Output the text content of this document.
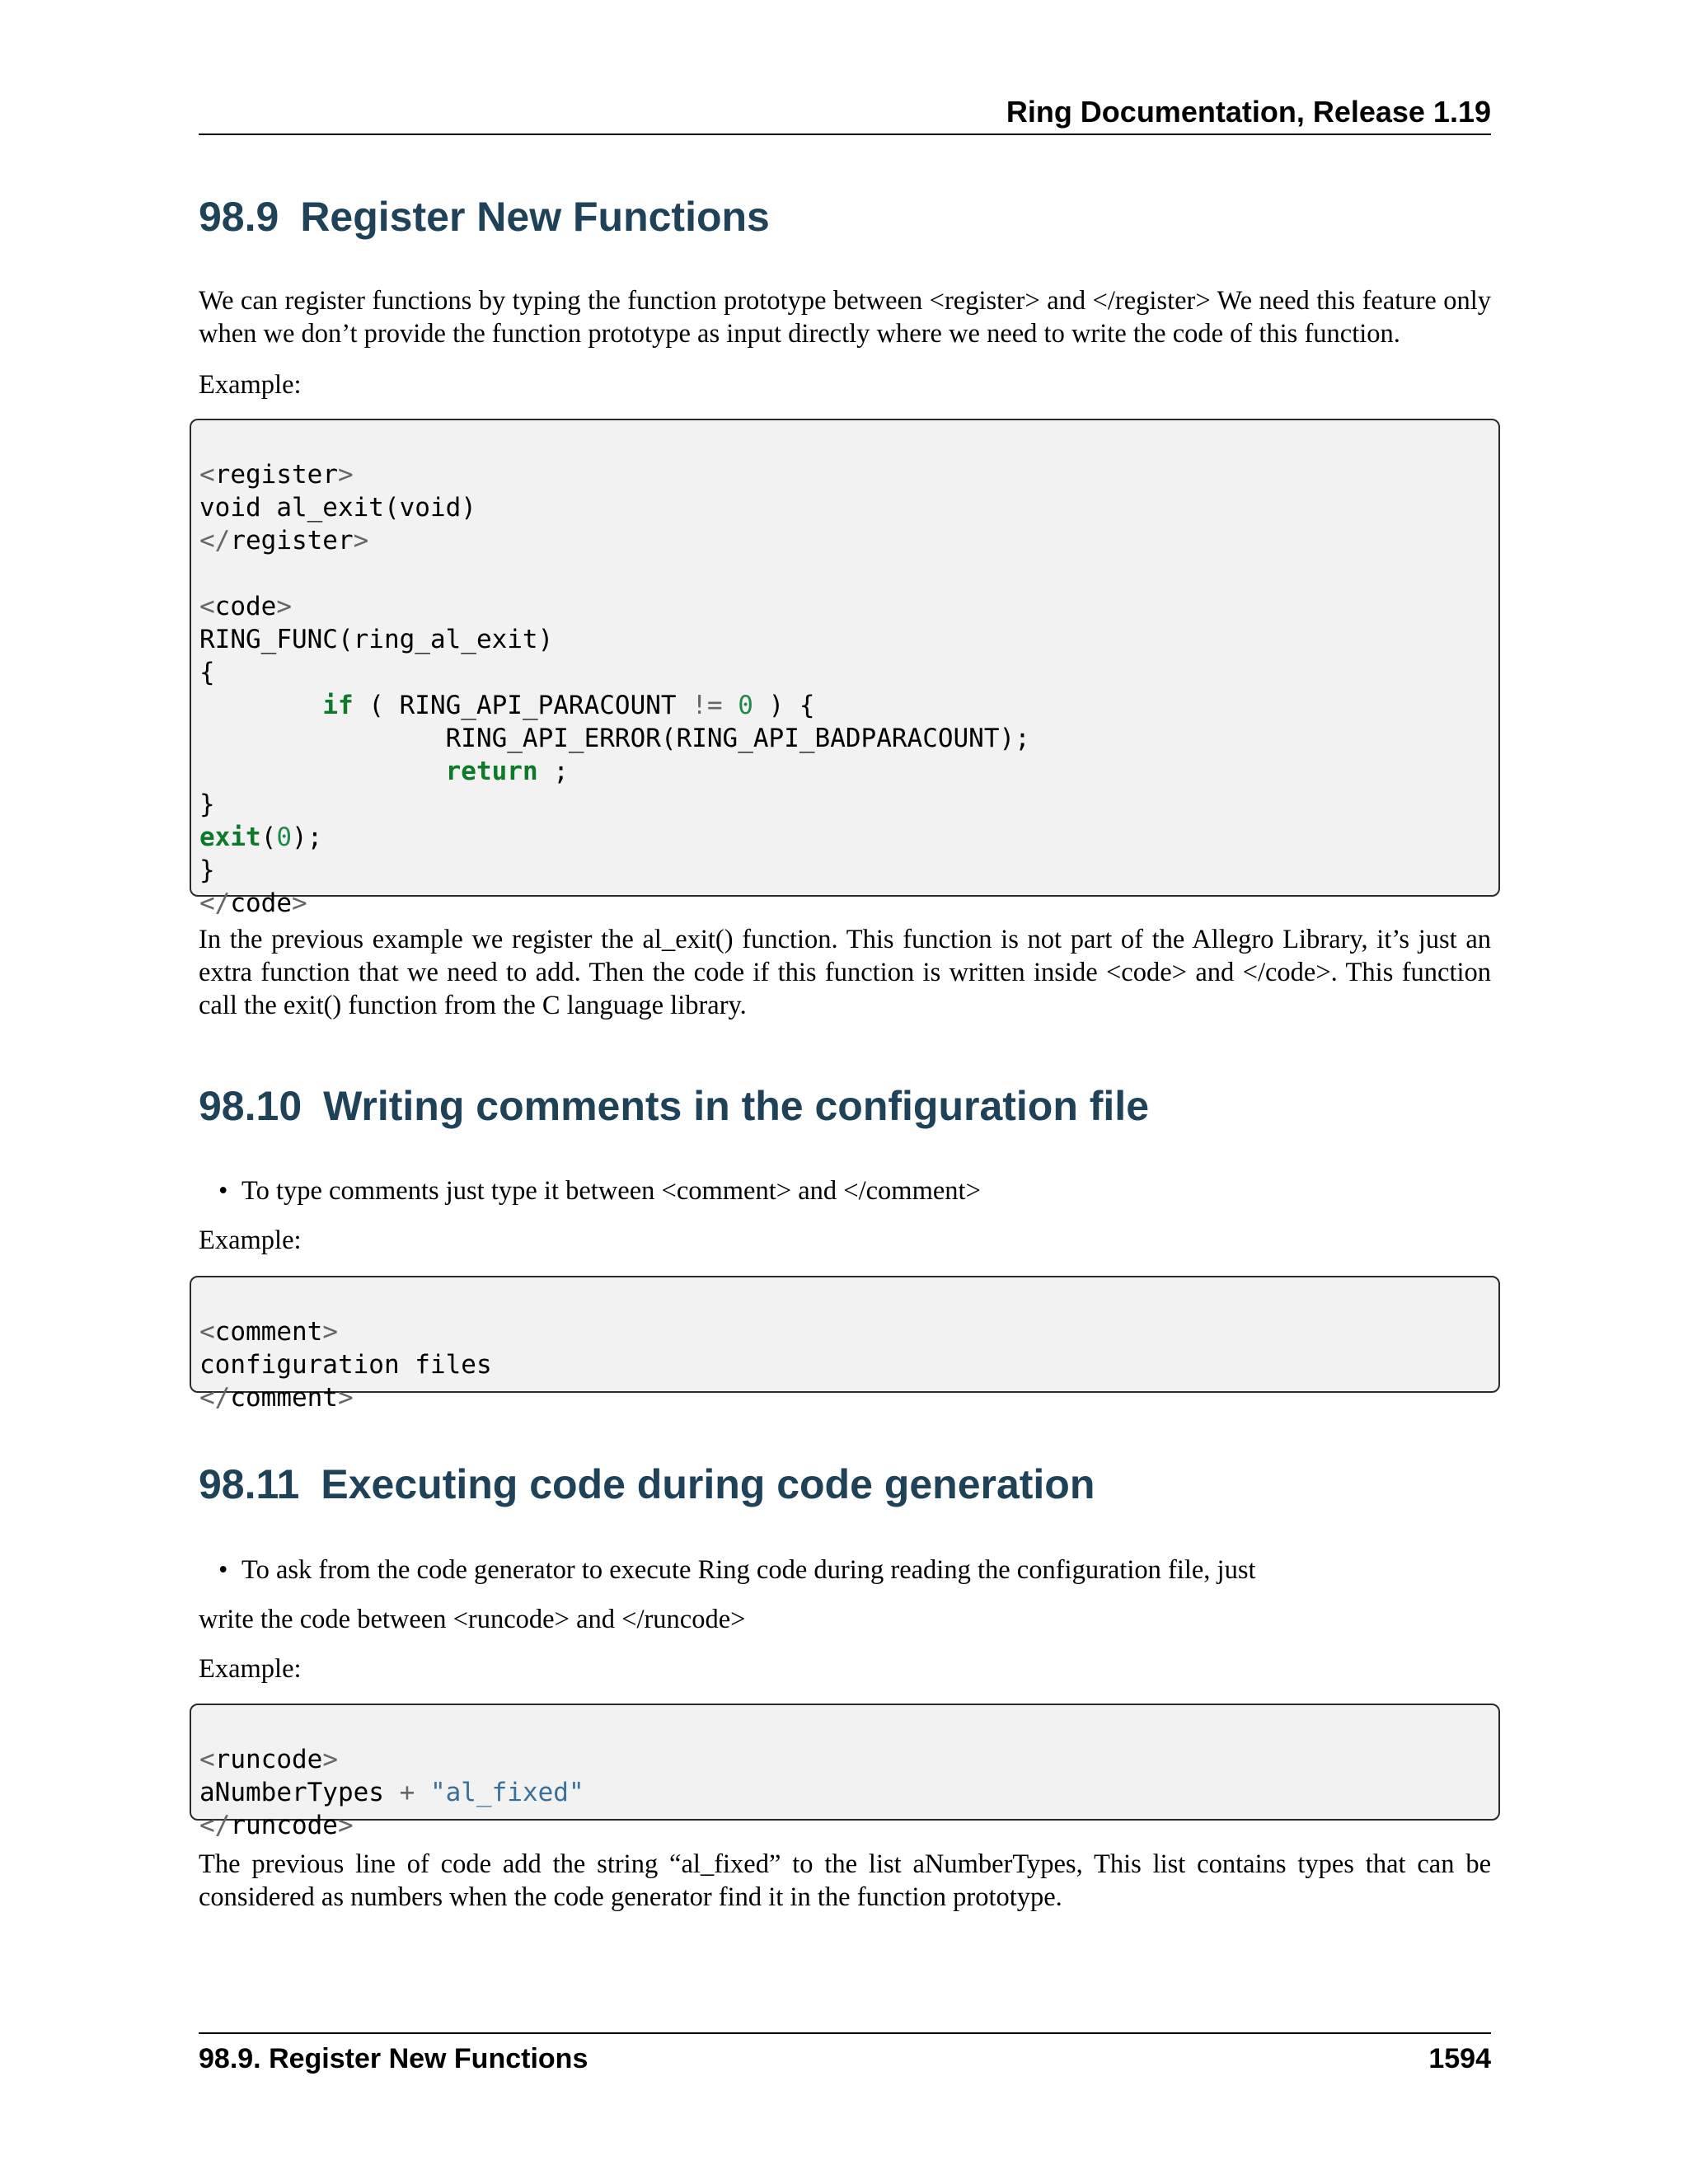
Ring Documentation, Release 1.19
98.9 Register New Functions

We can register functions by typing the function prototype between <register> and </register> We need this feature only when we don’t provide the function prototype as input directly where we need to write the code of this function.

Example:

<register>
void al_exit(void)
</register>
<code>
RING_FUNC(ring_al_exit)
{
if ( RING_API_PARACOUNT != 0 ) {
RING_API_ERROR(RING_API_BADPARACOUNT);
return ;
}
exit(0);
}
</code>

In the previous example we register the al_exit() function. This function is not part of the Allegro Library, it’s just an extra function that we need to add. Then the code if this function is written inside <code> and </code>. This function call the exit() function from the C language library.

98.10 Writing comments in the configuration file

• To type comments just type it between <comment> and </comment>

Example:

<comment>
configuration files
</comment>

98.11 Executing code during code generation

• To ask from the code generator to execute Ring code during reading the configuration file, just

write the code between <runcode> and </runcode>

Example:

<runcode>
aNumberTypes + "al_fixed"
</runcode>

The previous line of code add the string “al_fixed” to the list aNumberTypes, This list contains types that can be considered as numbers when the code generator find it in the function prototype.

98.9. Register New Functions	1594
